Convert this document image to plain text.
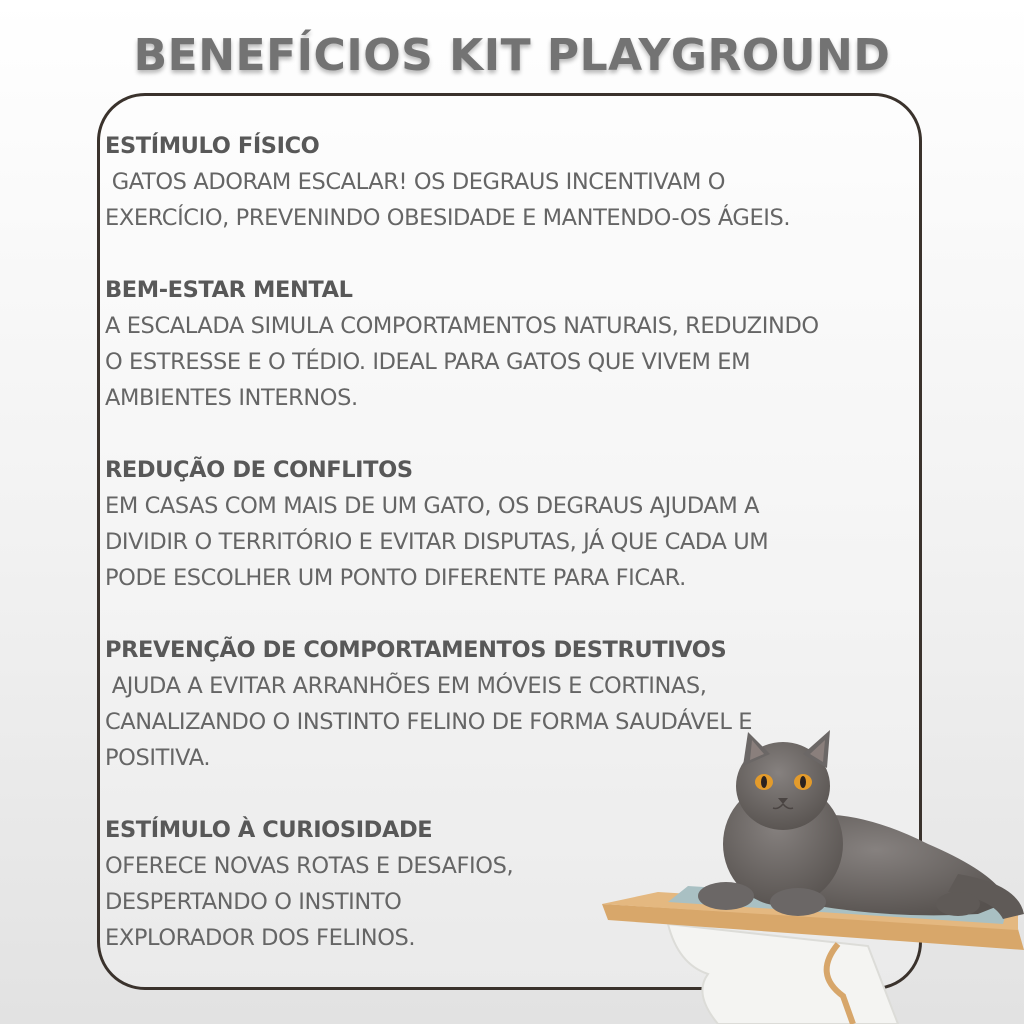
BENEFÍCIOS KIT PLAYGROUND
ESTÍMULO FÍSICO
GATOS ADORAM ESCALAR! OS DEGRAUS INCENTIVAM O
EXERCÍCIO, PREVENINDO OBESIDADE E MANTENDO-OS ÁGEIS.
BEM-ESTAR MENTAL
A ESCALADA SIMULA COMPORTAMENTOS NATURAIS, REDUZINDO
O ESTRESSE E O TÉDIO. IDEAL PARA GATOS QUE VIVEM EM
AMBIENTES INTERNOS.
REDUÇÃO DE CONFLITOS
EM CASAS COM MAIS DE UM GATO, OS DEGRAUS AJUDAM A
DIVIDIR O TERRITÓRIO E EVITAR DISPUTAS, JÁ QUE CADA UM
PODE ESCOLHER UM PONTO DIFERENTE PARA FICAR.
PREVENÇÃO DE COMPORTAMENTOS DESTRUTIVOS
AJUDA A EVITAR ARRANHÕES EM MÓVEIS E CORTINAS,
CANALIZANDO O INSTINTO FELINO DE FORMA SAUDÁVEL E
POSITIVA.
ESTÍMULO À CURIOSIDADE
OFERECE NOVAS ROTAS E DESAFIOS,
DESPERTANDO O INSTINTO
EXPLORADOR DOS FELINOS.
